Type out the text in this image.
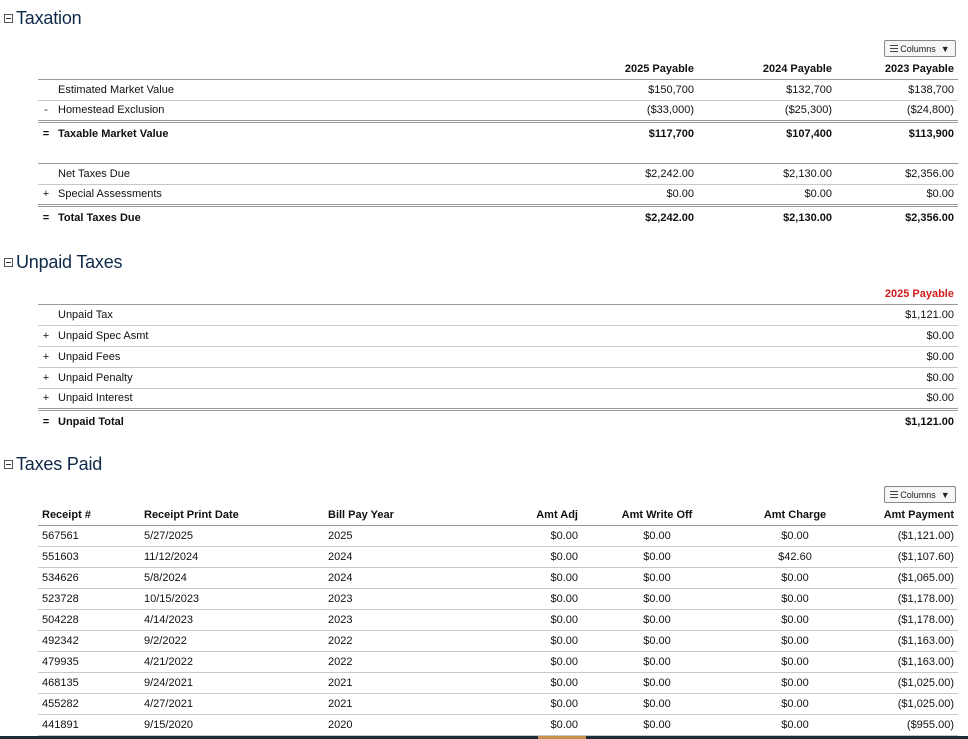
Taxation
Columns ▼
			2025 Payable	2024 Payable	2023 Payable	
	Estimated Market Value		$150,700	$132,700	$138,700	
-	Homestead Exclusion		($33,000)	($25,300)	($24,800)	
=	Taxable Market Value		$117,700	$107,400	$113,900	

	Net Taxes Due		$2,242.00	$2,130.00	$2,356.00	
+	Special Assessments		$0.00	$0.00	$0.00	
=	Total Taxes Due		$2,242.00	$2,130.00	$2,356.00	
Unpaid Taxes
		2025 Payable
	Unpaid Tax	$1,121.00
+	Unpaid Spec Asmt	$0.00
+	Unpaid Fees	$0.00
+	Unpaid Penalty	$0.00
+	Unpaid Interest	$0.00
=	Unpaid Total	$1,121.00
Taxes Paid
Columns ▼
Receipt #	Receipt Print Date	Bill Pay Year	Amt Adj	Amt Write Off	Amt Charge	Amt Payment
567561	5/27/2025	2025	$0.00	$0.00	$0.00	($1,121.00)
551603	11/12/2024	2024	$0.00	$0.00	$42.60	($1,107.60)
534626	5/8/2024	2024	$0.00	$0.00	$0.00	($1,065.00)
523728	10/15/2023	2023	$0.00	$0.00	$0.00	($1,178.00)
504228	4/14/2023	2023	$0.00	$0.00	$0.00	($1,178.00)
492342	9/2/2022	2022	$0.00	$0.00	$0.00	($1,163.00)
479935	4/21/2022	2022	$0.00	$0.00	$0.00	($1,163.00)
468135	9/24/2021	2021	$0.00	$0.00	$0.00	($1,025.00)
455282	4/27/2021	2021	$0.00	$0.00	$0.00	($1,025.00)
441891	9/15/2020	2020	$0.00	$0.00	$0.00	($955.00)
